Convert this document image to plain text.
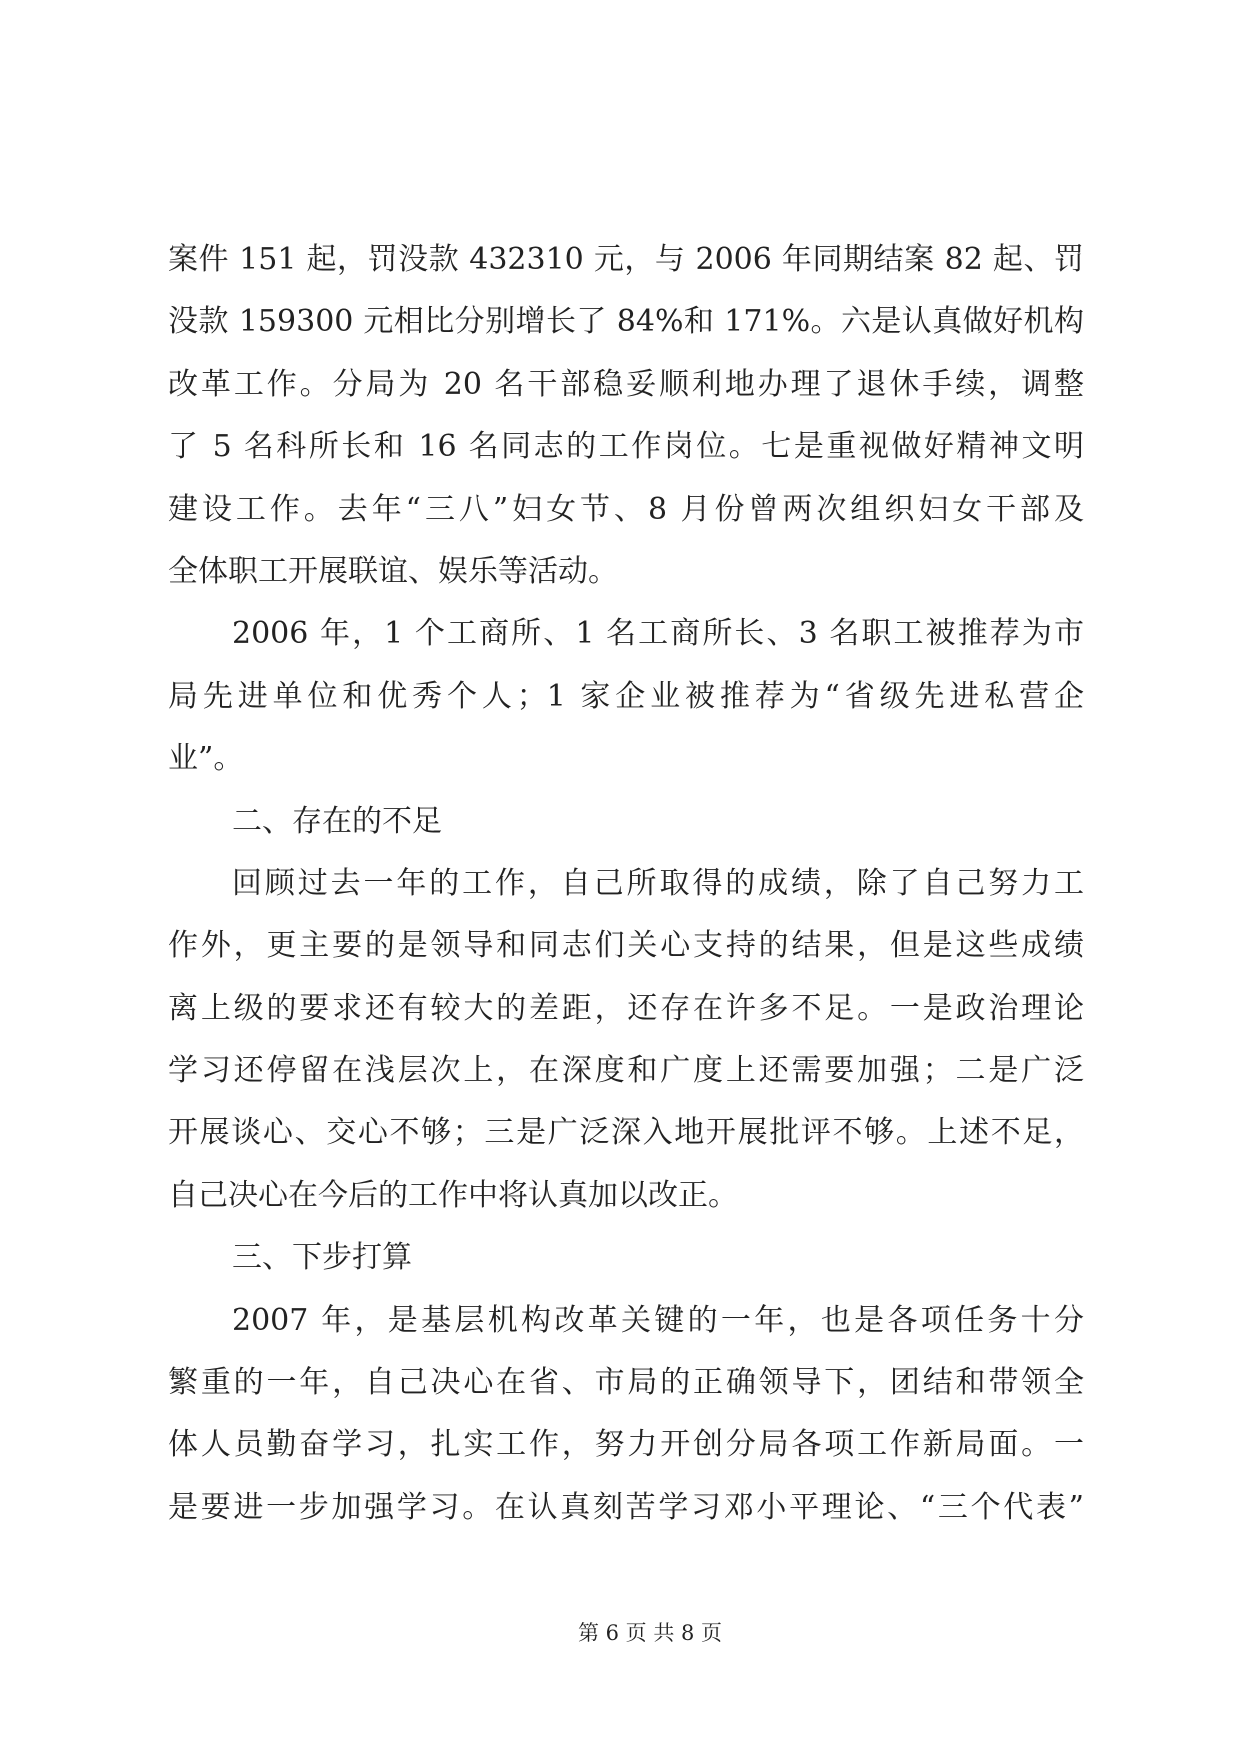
案件 151 起，罚没款 432310 元，与 2006 年同期结案 82 起、罚
没款 159300 元相比分别增长了 84%和 171%。六是认真做好机构
改革工作。分局为 20 名干部稳妥顺利地办理了退休手续，调整
了 5 名科所长和 16 名同志的工作岗位。七是重视做好精神文明
建设工作。去年“三八”妇女节、8 月份曾两次组织妇女干部及
全体职工开展联谊、娱乐等活动。
2006 年，1 个工商所、1 名工商所长、3 名职工被推荐为市
局先进单位和优秀个人；1 家企业被推荐为“省级先进私营企
业”。
二、存在的不足
回顾过去一年的工作，自己所取得的成绩，除了自己努力工
作外，更主要的是领导和同志们关心支持的结果，但是这些成绩
离上级的要求还有较大的差距，还存在许多不足。一是政治理论
学习还停留在浅层次上，在深度和广度上还需要加强；二是广泛
开展谈心、交心不够；三是广泛深入地开展批评不够。上述不足，
自己决心在今后的工作中将认真加以改正。
三、下步打算
2007 年，是基层机构改革关键的一年，也是各项任务十分
繁重的一年，自己决心在省、市局的正确领导下，团结和带领全
体人员勤奋学习，扎实工作，努力开创分局各项工作新局面。一
是要进一步加强学习。在认真刻苦学习邓小平理论、“三个代表”
第 6 页 共 8 页
